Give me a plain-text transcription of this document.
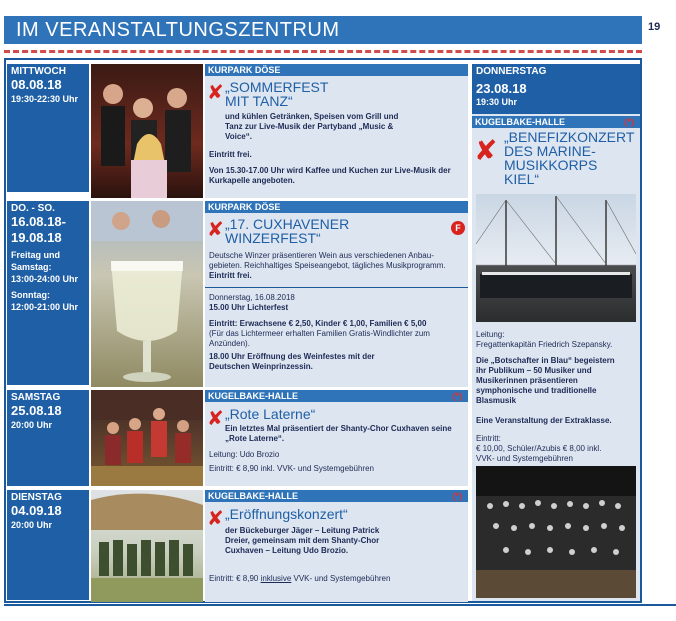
IM VERANSTALTUNGSZENTRUM	19
MITTWOCH
08.08.18
19:30-22:30 Uhr
KURPARK DÖSE
✘ „SOMMERFEST
MIT TANZ“
und kühlen Getränken, Speisen vom Grill und Tanz zur Live-Musik der Partyband „Music & Voice“.
Eintritt frei.
Von 15.30-17.00 Uhr wird Kaffee und Kuchen zur Live-Musik der Kurkapelle angeboten.
DO. - SO.
16.08.18-
19.08.18
Freitag und
Samstag:
13:00-24:00 Uhr
Sonntag:
12:00-21:00 Uhr
KURPARK DÖSE
✘ „17. CUXHAVENER
WINZERFEST“
F
Deutsche Winzer präsentieren Wein aus verschiedenen Anbau-gebieten. Reichhaltiges Speiseangebot, tägliches Musikprogramm.
Eintritt frei.
Donnerstag, 16.08.2018
15.00 Uhr Lichterfest
Eintritt: Erwachsene € 2,50, Kinder € 1,00, Familien € 5,00
(Für das Lichtermeer erhalten Familien Gratis-Windlichter zum Anzünden).
18.00 Uhr Eröffnung des Weinfestes mit der Deutschen Weinprinzessin.
SAMSTAG
25.08.18
20:00 Uhr
KUGELBAKE-HALLE	(*)
✘ „Rote Laterne“
Ein letztes Mal präsentiert der Shanty-Chor Cuxhaven seine „Rote Laterne“.
Leitung: Udo Brozio
Eintritt: € 8,90 inkl. VVK- und Systemgebühren
DIENSTAG
04.09.18
20:00 Uhr
KUGELBAKE-HALLE	(*)
✘ „Eröffnungskonzert“
der Bückeburger Jäger – Leitung Patrick Dreier, gemeinsam mit dem Shanty-Chor Cuxhaven – Leitung Udo Brozio.
Eintritt: € 8,90 inklusive VVK- und Systemgebühren
DONNERSTAG
23.08.18
19:30 Uhr
KUGELBAKE-HALLE	(*)
✘ „BENEFIZKONZERT
DES MARINE-
MUSIKKORPS
KIEL“
Leitung:
Fregattenkapitän Friedrich Szepansky.
Die „Botschafter in Blau“ begeistern ihr Publikum – 50 Musiker und Musikerinnen präsentieren symphonische und traditionelle Blasmusik
Eine Veranstaltung der Extraklasse.
Eintritt:
€ 10,00, Schüler/Azubis € 8,00 inkl. VVK- und Systemgebühren
